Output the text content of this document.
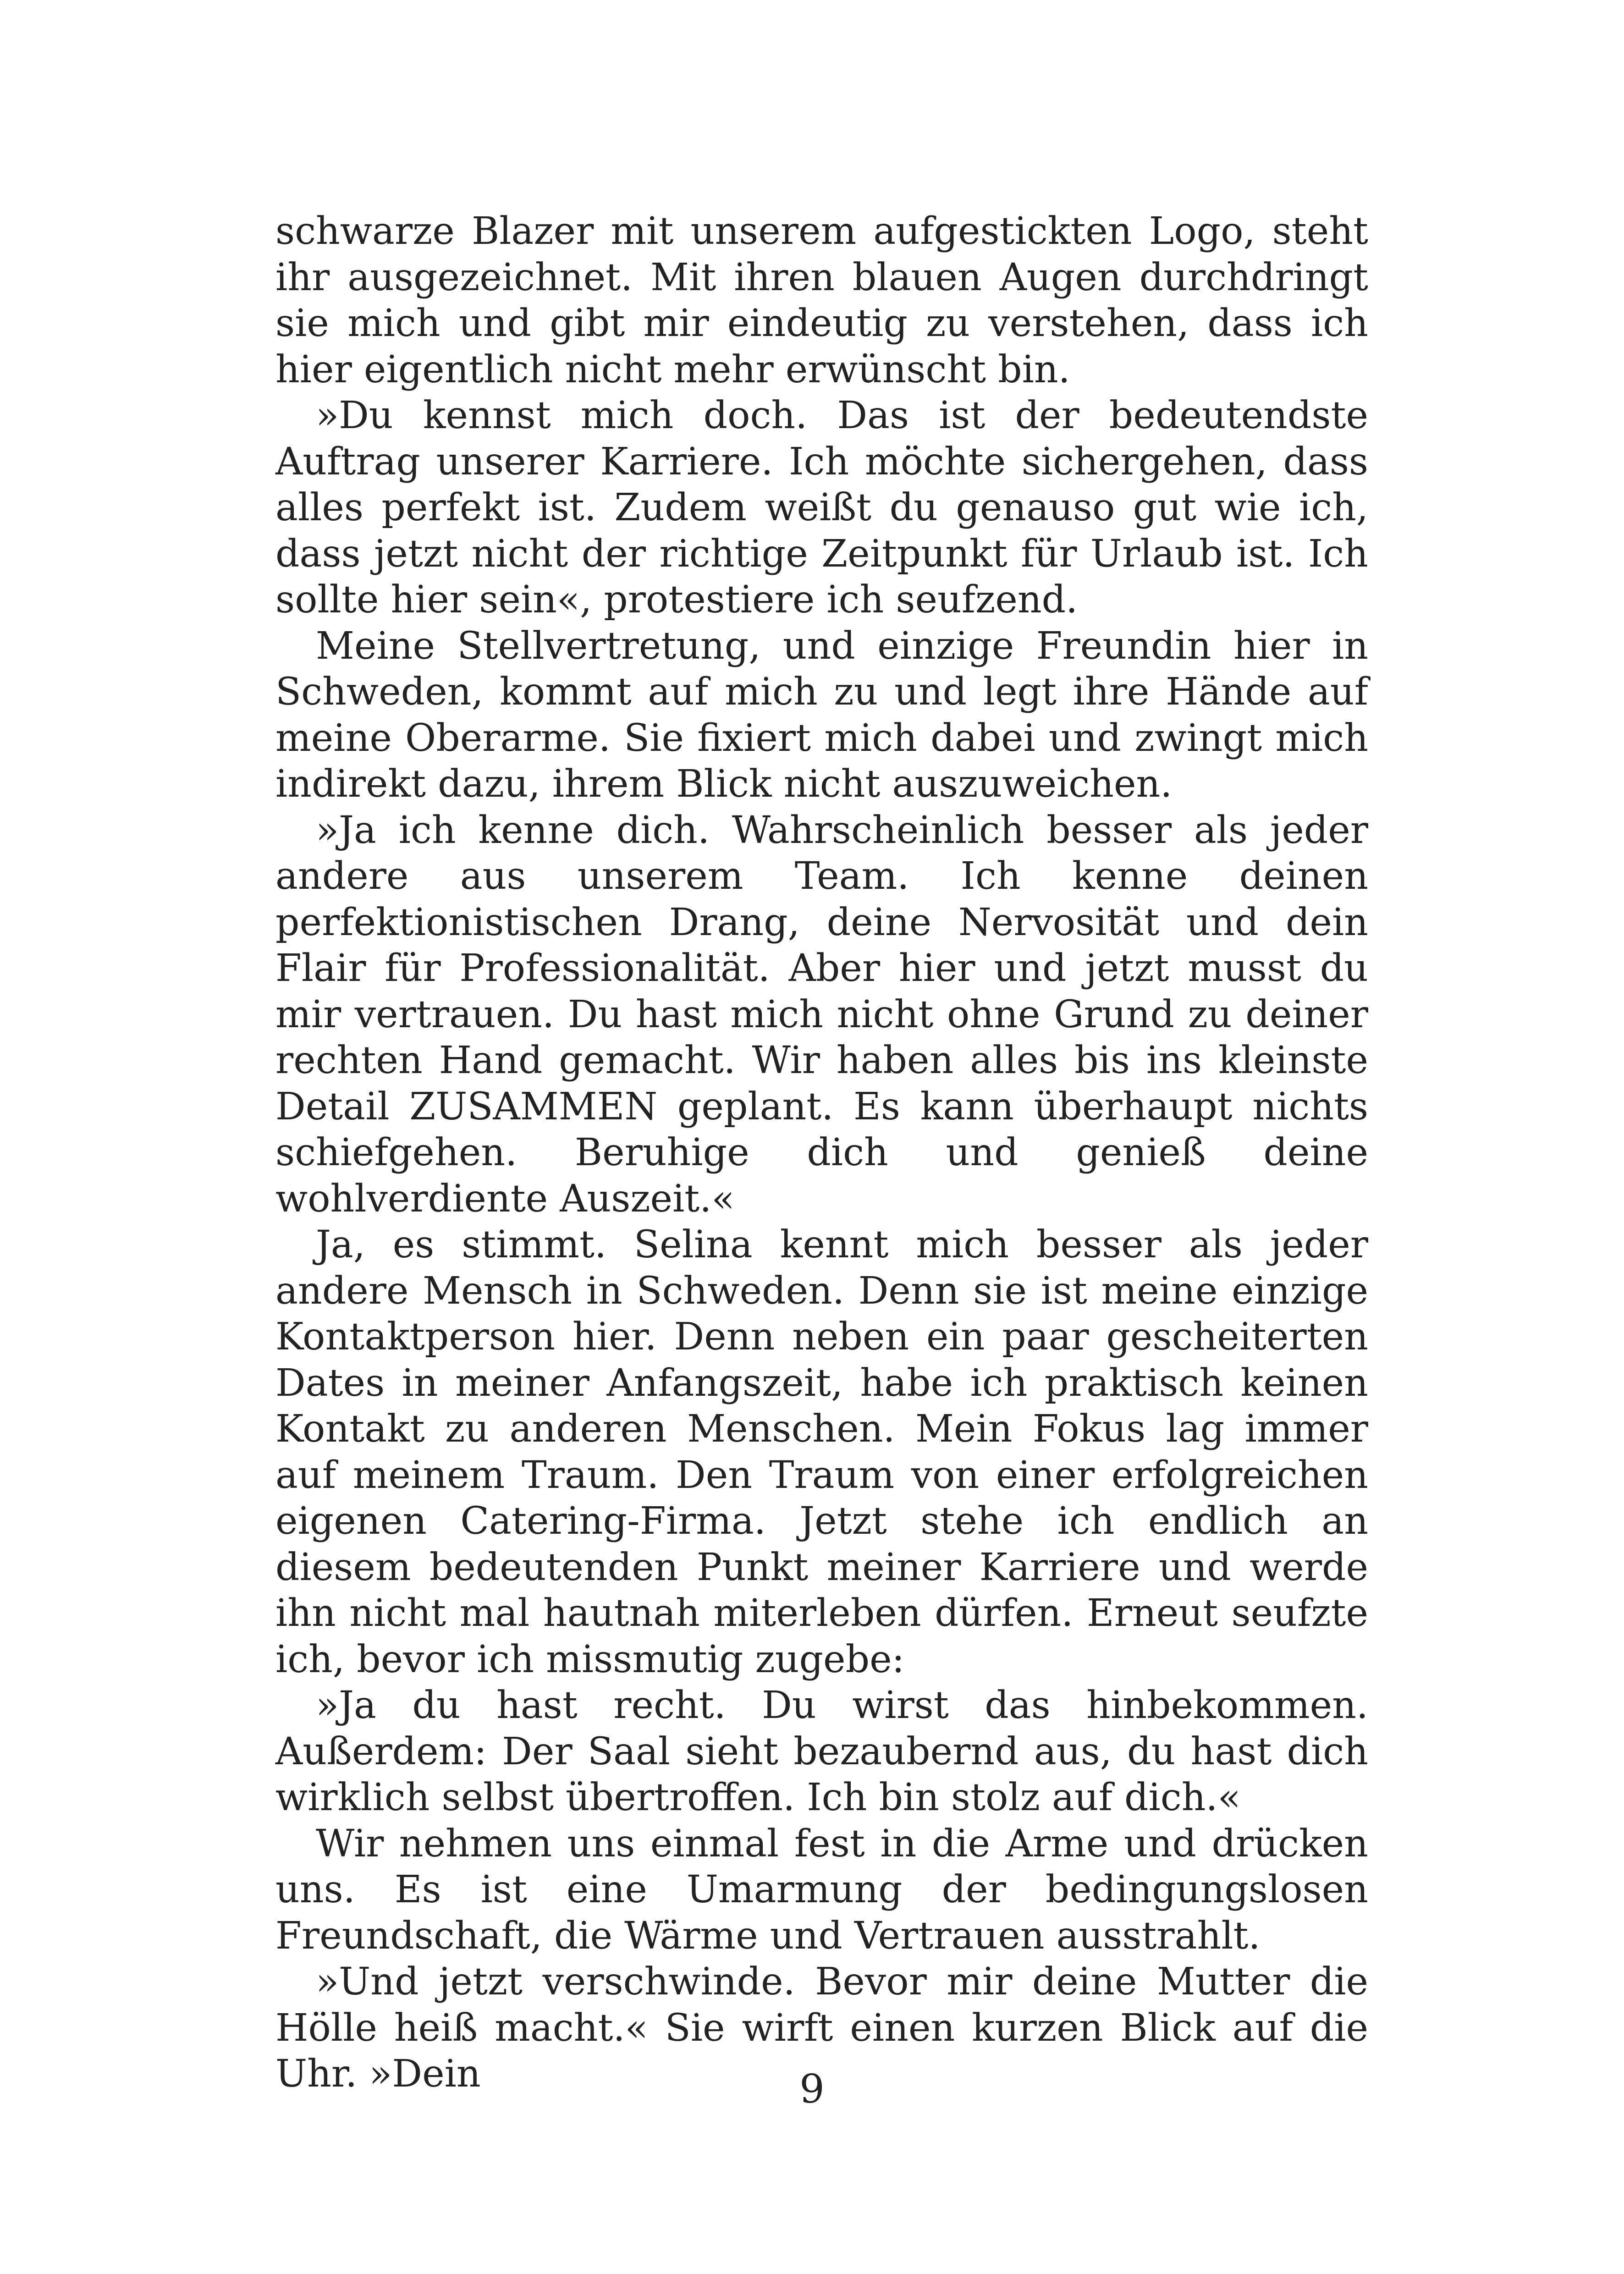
schwarze Blazer mit unserem aufgestickten Logo, steht ihr ausgezeichnet. Mit ihren blauen Augen durchdringt sie mich und gibt mir eindeutig zu verstehen, dass ich hier eigentlich nicht mehr erwünscht bin.

»Du kennst mich doch. Das ist der bedeutendste Auftrag unserer Karriere. Ich möchte sichergehen, dass alles perfekt ist. Zudem weißt du genauso gut wie ich, dass jetzt nicht der richtige Zeitpunkt für Urlaub ist. Ich sollte hier sein«, protestiere ich seufzend.

Meine Stellvertretung, und einzige Freundin hier in Schweden, kommt auf mich zu und legt ihre Hände auf meine Oberarme. Sie fixiert mich dabei und zwingt mich indirekt dazu, ihrem Blick nicht auszuweichen.

»Ja ich kenne dich. Wahrscheinlich besser als jeder andere aus unserem Team. Ich kenne deinen perfektionistischen Drang, deine Nervosität und dein Flair für Professionalität. Aber hier und jetzt musst du mir vertrauen. Du hast mich nicht ohne Grund zu deiner rechten Hand gemacht. Wir haben alles bis ins kleinste Detail ZUSAMMEN geplant. Es kann überhaupt nichts schiefgehen. Beruhige dich und genieß deine wohlverdiente Auszeit.«

Ja, es stimmt. Selina kennt mich besser als jeder andere Mensch in Schweden. Denn sie ist meine einzige Kontaktperson hier. Denn neben ein paar gescheiterten Dates in meiner Anfangszeit, habe ich praktisch keinen Kontakt zu anderen Menschen. Mein Fokus lag immer auf meinem Traum. Den Traum von einer erfolgreichen eigenen Catering-Firma. Jetzt stehe ich endlich an diesem bedeutenden Punkt meiner Karriere und werde ihn nicht mal hautnah miterleben dürfen. Erneut seufzte ich, bevor ich missmutig zugebe:

»Ja du hast recht. Du wirst das hinbekommen. Außerdem: Der Saal sieht bezaubernd aus, du hast dich wirklich selbst übertroffen. Ich bin stolz auf dich.«

Wir nehmen uns einmal fest in die Arme und drücken uns. Es ist eine Umarmung der bedingungslosen Freundschaft, die Wärme und Vertrauen ausstrahlt.

»Und jetzt verschwinde. Bevor mir deine Mutter die Hölle heiß macht.« Sie wirft einen kurzen Blick auf die Uhr. »Dein	9
